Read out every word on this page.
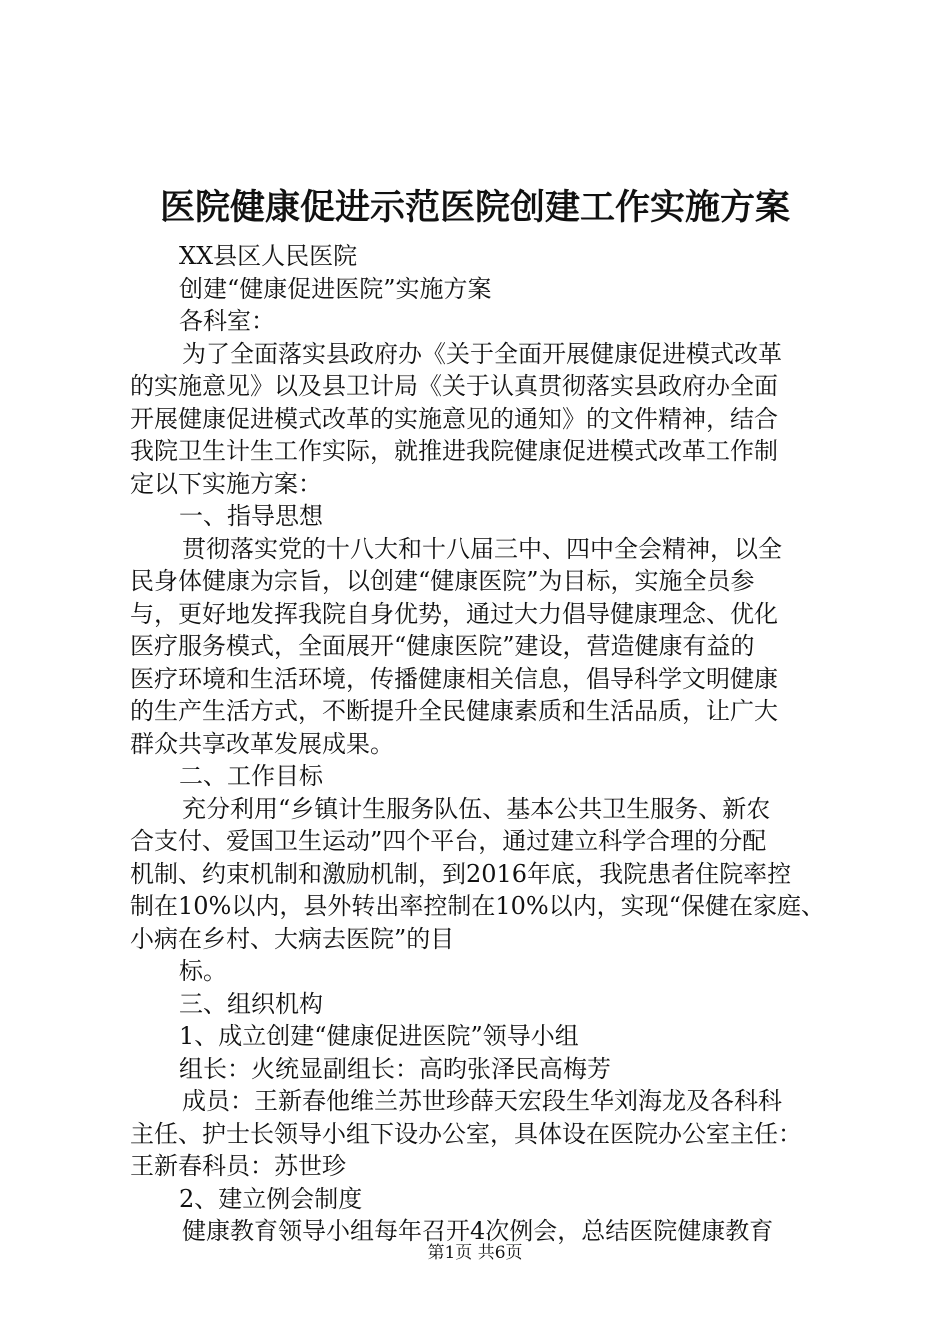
医院健康促进示范医院创建工作实施方案
XX县区人民医院
创建“健康促进医院”实施方案
各科室：
为了全面落实县政府办《关于全面开展健康促进模式改革
的实施意见》以及县卫计局《关于认真贯彻落实县政府办全面
开展健康促进模式改革的实施意见的通知》的文件精神，结合
我院卫生计生工作实际，就推进我院健康促进模式改革工作制
定以下实施方案：
一、指导思想
贯彻落实党的十八大和十八届三中、四中全会精神，以全
民身体健康为宗旨，以创建“健康医院”为目标，实施全员参
与，更好地发挥我院自身优势，通过大力倡导健康理念、优化
医疗服务模式，全面展开“健康医院”建设，营造健康有益的
医疗环境和生活环境，传播健康相关信息，倡导科学文明健康
的生产生活方式，不断提升全民健康素质和生活品质，让广大
群众共享改革发展成果。
二、工作目标
充分利用“乡镇计生服务队伍、基本公共卫生服务、新农
合支付、爱国卫生运动”四个平台，通过建立科学合理的分配
机制、约束机制和激励机制，到2016年底，我院患者住院率控
制在10%以内，县外转出率控制在10%以内，实现“保健在家庭、
小病在乡村、大病去医院”的目
标。
三、组织机构
1、成立创建“健康促进医院”领导小组
组长：火统显副组长：高昀张泽民高梅芳
成员：王新春他维兰苏世珍薛天宏段生华刘海龙及各科科
主任、护士长领导小组下设办公室，具体设在医院办公室主任：
王新春科员：苏世珍
2、建立例会制度
健康教育领导小组每年召开4次例会，总结医院健康教育
第1页 共6页
